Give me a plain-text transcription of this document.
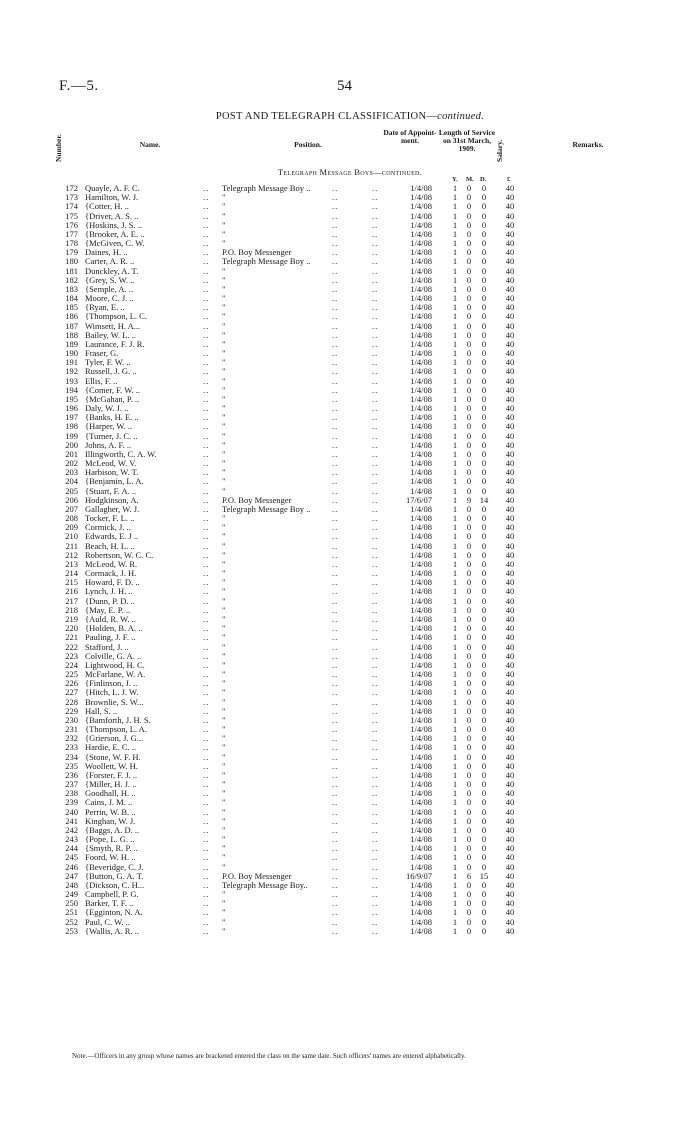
F.—5.	54
POST AND TELEGRAPH CLASSIFICATION—continued.
Number.	Name.	Position.
Date of Appoint-ment.
Length of Service on 31st March, 1909.	Salary.	Remarks.
Telegraph Message Boys—continued.
Y. M. D.	£
172 Quayle, A. F. C.	.. Telegraph Message Boy ..	..	..	1/4/08 1	0	0	40
173 Hamilton, W. J.	.. "	..	..	1/4/08 1	0	0	40
174 {Cotter, H. ..	.. "	..	..	1/4/08 1	0	0	40
175 {Driver, A. S. ..	.. "	..	..	1/4/08 1	0	0	40
176 {Hoskins, J. S. ..	.. "	..	..	1/4/08 1	0	0	40
177 {Brooker, A. E. ..	.. "	..	..	1/4/08 1	0	0	40
178 {McGiven, C. W.	.. "	..	..	1/4/08 1	0	0	40
179 Daines, H. ..	.. P.O. Boy Messenger	..	..	1/4/08 1	0	0	40
180 Carter, A. R. ..	.. Telegraph Message Boy ..	..	..	1/4/08 1	0	0	40
181 Dunckley, A. T.	.. "	..	..	1/4/08 1	0	0	40
182 {Grey, S. W. ..	.. "	..	..	1/4/08 1	0	0	40
183 {Semple, A. ..	.. "	..	..	1/4/08 1	0	0	40
184 Moore, C. J. ..	.. "	..	..	1/4/08 1	0	0	40
185 {Ryan, E. ..	.. "	..	..	1/4/08 1	0	0	40
186 {Thompson, L. C.	.. "	..	..	1/4/08 1	0	0	40
187 Wimsett, H. A...	.. "	..	..	1/4/08 1	0	0	40
188 Bailey, W. L. ..	.. "	..	..	1/4/08 1	0	0	40
189 Laurance, F. J. R.	.. "	..	..	1/4/08 1	0	0	40
190 Fraser, G.	.. "	..	..	1/4/08 1	0	0	40
191 Tyler, F. W. ..	.. "	..	..	1/4/08 1	0	0	40
192 Russell, J. G. ..	.. "	..	..	1/4/08 1	0	0	40
193 Ellis, F. ..	.. "	..	..	1/4/08 1	0	0	40
194 {Comer, F. W. ..	.. "	..	..	1/4/08 1	0	0	40
195 {McGahan, P. ..	.. "	..	..	1/4/08 1	0	0	40
196 Daly, W. J. ..	.. "	..	..	1/4/08 1	0	0	40
197 {Banks, H. E. ..	.. "	..	..	1/4/08 1	0	0	40
198 {Harper, W. ..	.. "	..	..	1/4/08 1	0	0	40
199 {Turner, J. C. ..	.. "	..	..	1/4/08 1	0	0	40
200 Johns, A. F. ..	.. "	..	..	1/4/08 1	0	0	40
201 Illingworth, C. A. W.	.. "	..	..	1/4/08 1	0	0	40
202 McLeod, W. V.	.. "	..	..	1/4/08 1	0	0	40
203 Harbison, W. T.	.. "	..	..	1/4/08 1	0	0	40
204 {Benjamin, L. A.	.. "	..	..	1/4/08 1	0	0	40
205 {Stuart, F. A. ..	.. "	..	..	1/4/08 1	0	0	40
206 Hodgkinson, A.	.. P.O. Boy Messenger	..	..	17/6/07 1	9	14	40
207 Gallagher, W. J.	.. Telegraph Message Boy ..	..	..	1/4/08 1	0	0	40
208 Tocker, F. L. ..	.. "	..	..	1/4/08 1	0	0	40
209 Cormick, J. ..	.. "	..	..	1/4/08 1	0	0	40
210 Edwards, E. J ..	.. "	..	..	1/4/08 1	0	0	40
211 Beach, H. L. ..	.. "	..	..	1/4/08 1	0	0	40
212 Robertson, W. C. C.	.. "	..	..	1/4/08 1	0	0	40
213 McLeod, W. R.	.. "	..	..	1/4/08 1	0	0	40
214 Cormack, J. H.	.. "	..	..	1/4/08 1	0	0	40
215 Howard, F. D. ..	.. "	..	..	1/4/08 1	0	0	40
216 Lynch, J. H. ..	.. "	..	..	1/4/08 1	0	0	40
217 {Dunn, P. D. ..	.. "	..	..	1/4/08 1	0	0	40
218 {May, E. P. ..	.. "	..	..	1/4/08 1	0	0	40
219 {Auld, R. W. ..	.. "	..	..	1/4/08 1	0	0	40
220 {Holden, B. A. ..	.. "	..	..	1/4/08 1	0	0	40
221 Pauling, J. F. ..	.. "	..	..	1/4/08 1	0	0	40
222 Stafford, J. ..	.. "	..	..	1/4/08 1	0	0	40
223 Colville, G. A. ..	.. "	..	..	1/4/08 1	0	0	40
224 Lightwood, H. C.	.. "	..	..	1/4/08 1	0	0	40
225 McFarlane, W. A.	.. "	..	..	1/4/08 1	0	0	40
226 {Finlinson, J. ..	.. "	..	..	1/4/08 1	0	0	40
227 {Hitch, L. J. W.	.. "	..	..	1/4/08 1	0	0	40
228 Brownlie, S. W...	.. "	..	..	1/4/08 1	0	0	40
229 Hall, S. ..	.. "	..	..	1/4/08 1	0	0	40
230 {Bamforth, J. H. S.	.. "	..	..	1/4/08 1	0	0	40
231 {Thompson, L. A.	.. "	..	..	1/4/08 1	0	0	40
232 {Grierson, J. G...	.. "	..	..	1/4/08 1	0	0	40
233 Hardie, E. C. ..	.. "	..	..	1/4/08 1	0	0	40
234 {Stone, W. F. H.	.. "	..	..	1/4/08 1	0	0	40
235 Woollett, W. H.	.. "	..	..	1/4/08 1	0	0	40
236 {Forster, F. J. ..	.. "	..	..	1/4/08 1	0	0	40
237 {Miller, H. J. ..	.. "	..	..	1/4/08 1	0	0	40
238 Goodhall, H. ..	.. "	..	..	1/4/08 1	0	0	40
239 Cains, J. M. ..	.. "	..	..	1/4/08 1	0	0	40
240 Perrin, W. B. ..	.. "	..	..	1/4/08 1	0	0	40
241 Kinghan, W. J.	.. "	..	..	1/4/08 1	0	0	40
242 {Baggs, A. D. ..	.. "	..	..	1/4/08 1	0	0	40
243 {Pope, L. G. ..	.. "	..	..	1/4/08 1	0	0	40
244 {Smyth, R. P. ..	.. "	..	..	1/4/08 1	0	0	40
245 Foord, W. H. ..	.. "	..	..	1/4/08 1	0	0	40
246 {Beveridge, C. J.	.. "	..	..	1/4/08 1	0	0	40
247 {Button, G. A. T.	.. P.O. Boy Messenger	..	..	16/9/07 1	6	15	40
248 {Dickson, C. H...	.. Telegraph Message Boy..	..	..	1/4/08 1	0	0	40
249 Campbell, P. G.	.. "	..	..	1/4/08 1	0	0	40
250 Barker, T. F. ..	.. "	..	..	1/4/08 1	0	0	40
251 {Egginton, N. A.	.. "	..	..	1/4/08 1	0	0	40
252 Paul, C. W. ..	.. "	..	..	1/4/08 1	0	0	40
253 {Wallis, A. R. ..	.. "	..	..	1/4/08 1	0	0	40
Note.—Officers in any group whose names are bracketed entered the class on the same date. Such officers' names are entered alphabetically.
